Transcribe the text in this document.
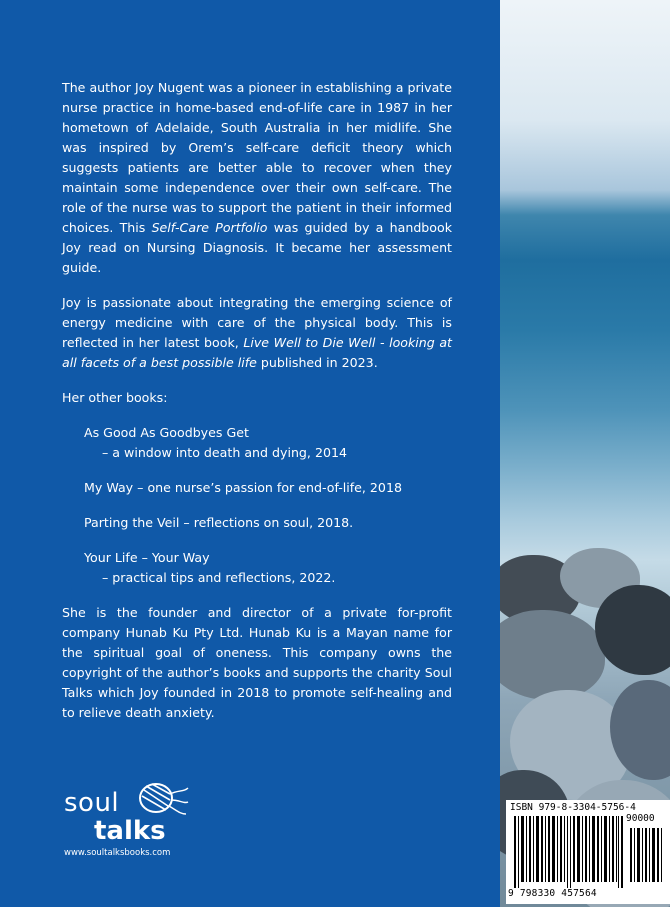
The author Joy Nugent was a pioneer in establishing a private nurse practice in home-based end-of-life care in 1987 in her hometown of Adelaide, South Australia in her midlife. She was inspired by Orem’s self-care deficit theory which suggests patients are better able to recover when they maintain some independence over their own self-care. The role of the nurse was to support the patient in their informed choices. This Self-Care Portfolio was guided by a handbook Joy read on Nursing Diagnosis. It became her assessment guide.

Joy is passionate about integrating the emerging science of energy medicine with care of the physical body. This is reflected in her latest book, Live Well to Die Well - looking at all facets of a best possible life published in 2023.

Her other books:

As Good As Goodbyes Get
– a window into death and dying, 2014
My Way – one nurse’s passion for end-of-life, 2018
Parting the Veil – reflections on soul, 2018.
Your Life – Your Way
– practical tips and reflections, 2022.

She is the founder and director of a private for-profit company Hunab Ku Pty Ltd. Hunab Ku is a Mayan name for the spiritual goal of oneness. This company owns the copyright of the author’s books and supports the charity Soul Talks which Joy founded in 2018 to promote self-healing and to relieve death anxiety.

soul
talks
www.soultalksbooks.com
ISBN 979-8-3304-5756-4
90000
9 798330 457564
